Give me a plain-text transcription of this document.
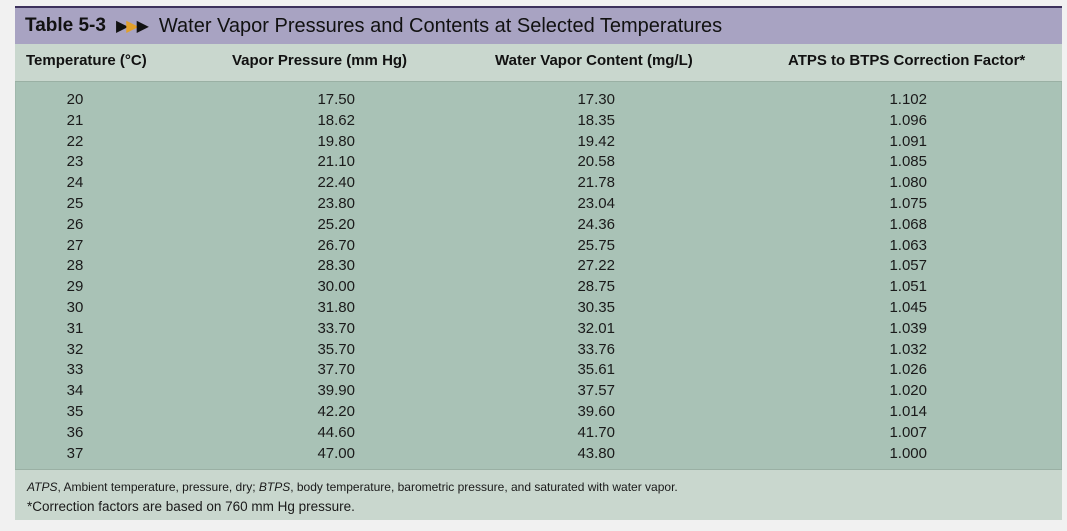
Table 5-3 ▶▶▶ Water Vapor Pressures and Contents at Selected Temperatures
Temperature (°C)	Vapor Pressure (mm Hg)	Water Vapor Content (mg/L)	ATPS to BTPS Correction Factor*
20	17.50	17.30	1.102
21	18.62	18.35	1.096
22	19.80	19.42	1.091
23	21.10	20.58	1.085
24	22.40	21.78	1.080
25	23.80	23.04	1.075
26	25.20	24.36	1.068
27	26.70	25.75	1.063
28	28.30	27.22	1.057
29	30.00	28.75	1.051
30	31.80	30.35	1.045
31	33.70	32.01	1.039
32	35.70	33.76	1.032
33	37.70	35.61	1.026
34	39.90	37.57	1.020
35	42.20	39.60	1.014
36	44.60	41.70	1.007
37	47.00	43.80	1.000
ATPS, Ambient temperature, pressure, dry; BTPS, body temperature, barometric pressure, and saturated with water vapor.
*Correction factors are based on 760 mm Hg pressure.
